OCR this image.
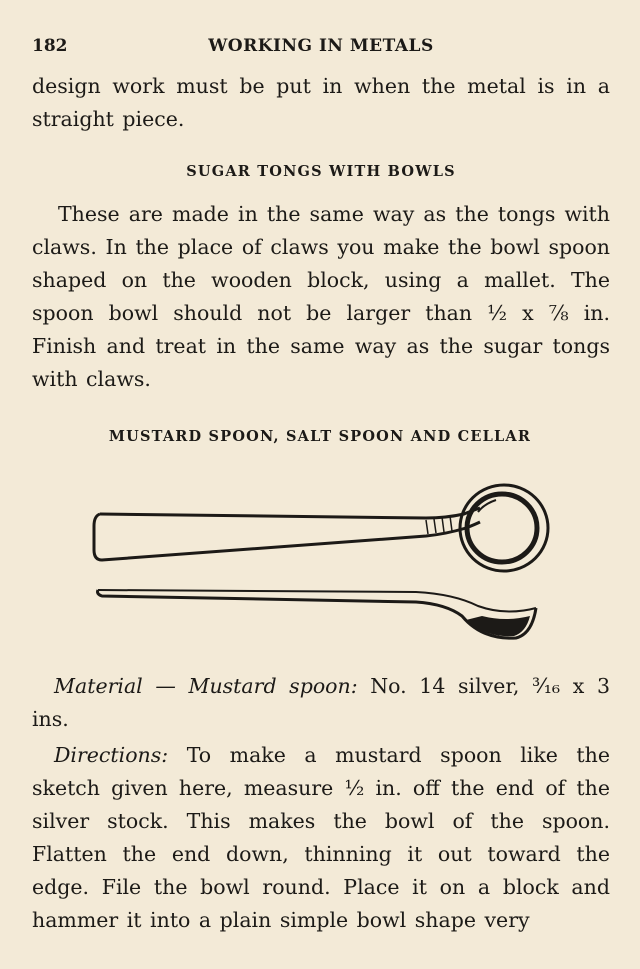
182	WORKING IN METALS

design work must be put in when the metal is in a straight piece.

SUGAR TONGS WITH BOWLS

These are made in the same way as the tongs with claws. In the place of claws you make the bowl spoon shaped on the wooden block, using a mallet. The spoon bowl should not be larger than ½ x ⅞ in. Finish and treat in the same way as the sugar tongs with claws.

MUSTARD SPOON, SALT SPOON AND CELLAR

Material — Mustard spoon: No. 14 silver, ³⁄₁₆ x 3 ins.

Directions: To make a mustard spoon like the sketch given here, measure ½ in. off the end of the silver stock. This makes the bowl of the spoon. Flatten the end down, thinning it out toward the edge. File the bowl round. Place it on a block and hammer it into a plain simple bowl shape very
